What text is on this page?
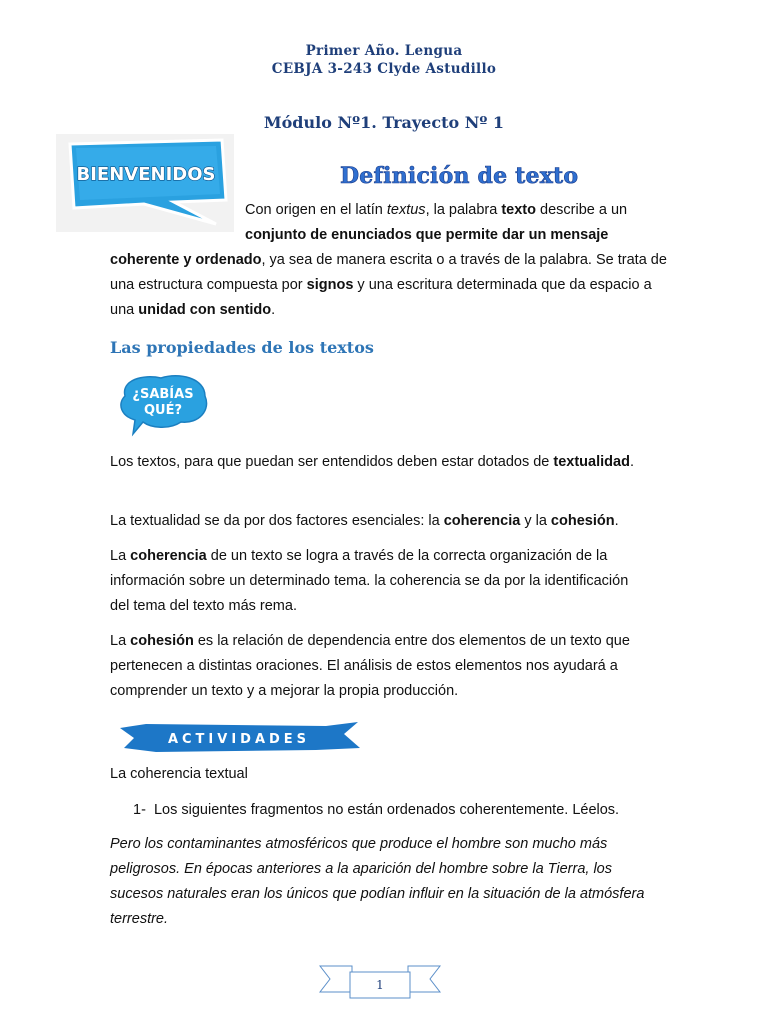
Primer Año. Lengua
CEBJA 3-243 Clyde Astudillo
Módulo Nº1. Trayecto Nº 1
BIENVENIDOS	Definición de texto
Con origen en el latín textus, la palabra texto describe a un
conjunto de enunciados que permite dar un mensaje
coherente y ordenado, ya sea de manera escrita o a través de la palabra. Se trata de una estructura compuesta por signos y una escritura determinada que da espacio a una unidad con sentido.
Las propiedades de los textos
¿SABÍAS
QUÉ?
Los textos, para que puedan ser entendidos deben estar dotados de textualidad.
La textualidad se da por dos factores esenciales: la coherencia y la cohesión.
La coherencia de un texto se logra a través de la correcta organización de la información sobre un determinado tema. la coherencia se da por la identificación del tema del texto más rema.
La cohesión es la relación de dependencia entre dos elementos de un texto que pertenecen a distintas oraciones. El análisis de estos elementos nos ayudará a comprender un texto y a mejorar la propia producción.
ACTIVIDADES
La coherencia textual
1- Los siguientes fragmentos no están ordenados coherentemente. Léelos.
Pero los contaminantes atmosféricos que produce el hombre son mucho más peligrosos. En épocas anteriores a la aparición del hombre sobre la Tierra, los sucesos naturales eran los únicos que podían influir en la situación de la atmósfera terrestre.
1
